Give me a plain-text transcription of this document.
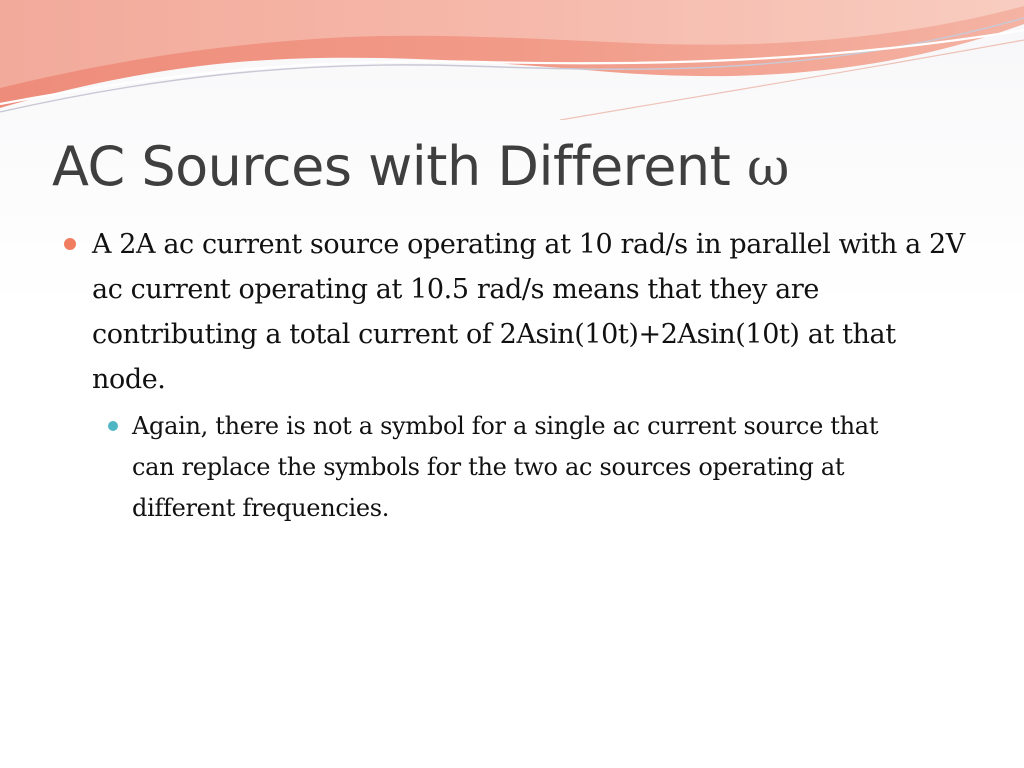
AC Sources with Different ω
A 2A ac current source operating at 10 rad/s in parallel with a 2V ac current operating at 10.5 rad/s means that they are contributing a total current of 2Asin(10t)+2Asin(10t) at that node.
Again, there is not a symbol for a single ac current source that can replace the symbols for the two ac sources operating at different frequencies.
